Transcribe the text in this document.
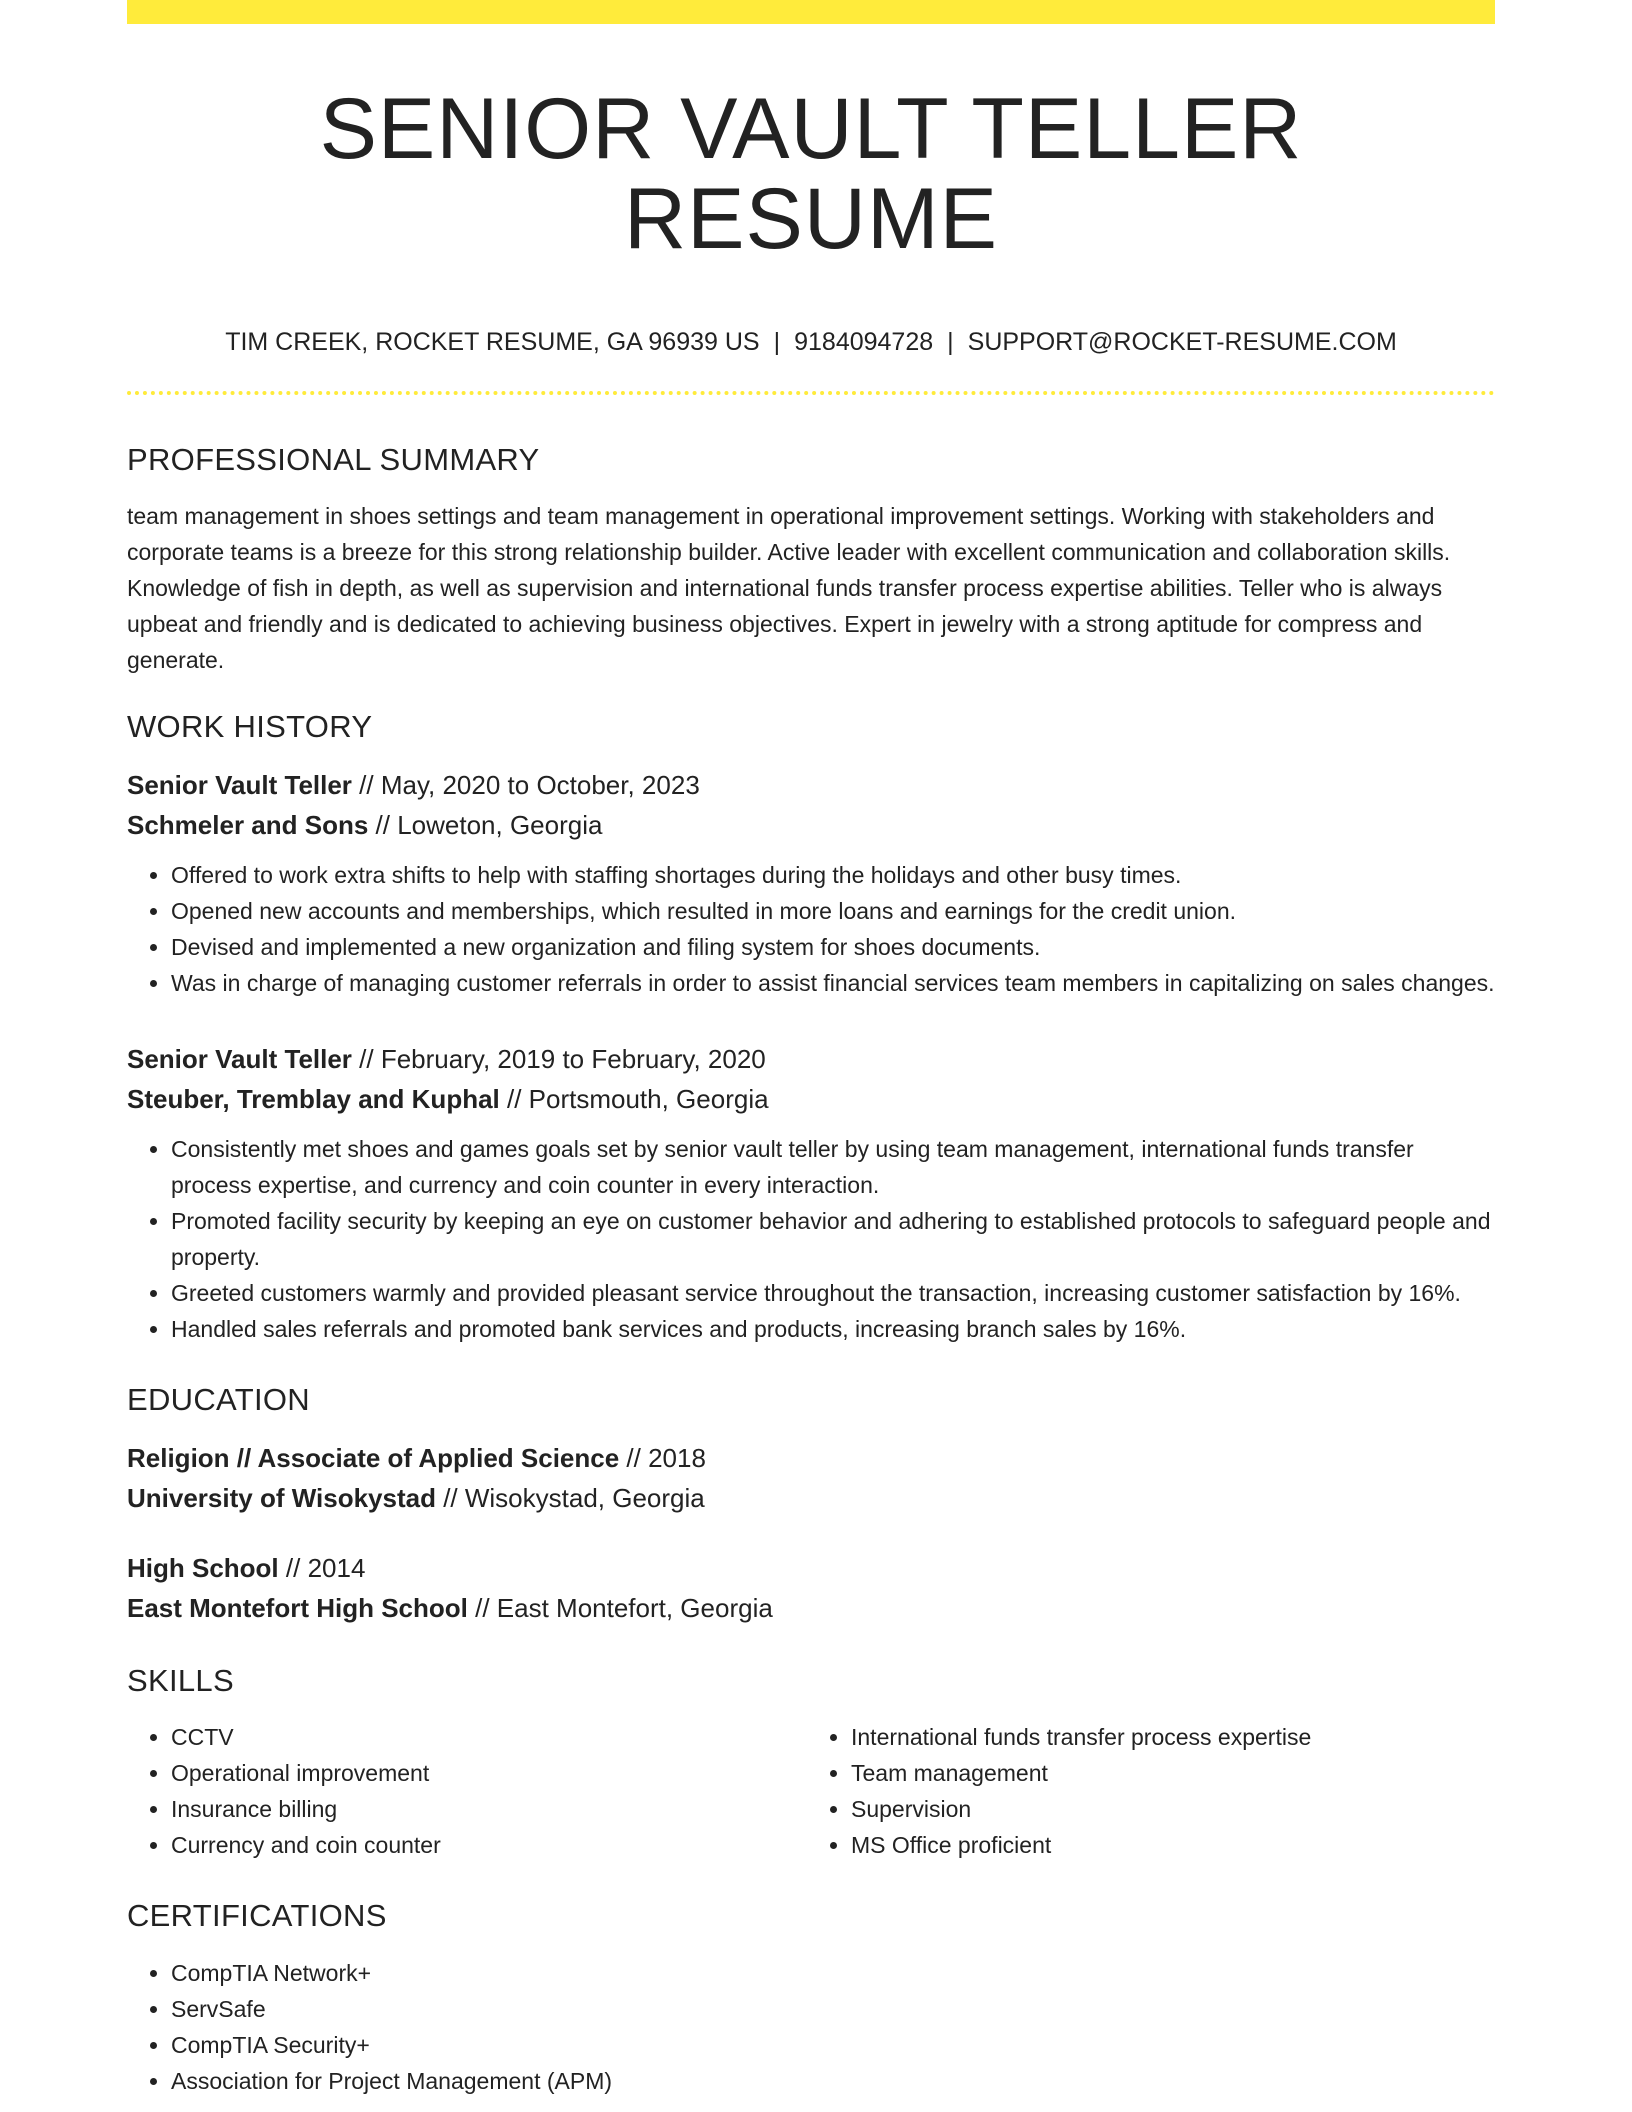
SENIOR VAULT TELLER RESUME
TIM CREEK, ROCKET RESUME, GA 96939 US | 9184094728 | SUPPORT@ROCKET-RESUME.COM
PROFESSIONAL SUMMARY
team management in shoes settings and team management in operational improvement settings. Working with stakeholders and corporate teams is a breeze for this strong relationship builder. Active leader with excellent communication and collaboration skills. Knowledge of fish in depth, as well as supervision and international funds transfer process expertise abilities. Teller who is always upbeat and friendly and is dedicated to achieving business objectives. Expert in jewelry with a strong aptitude for compress and generate.
WORK HISTORY
Senior Vault Teller // May, 2020 to October, 2023
Schmeler and Sons // Loweton, Georgia
• Offered to work extra shifts to help with staffing shortages during the holidays and other busy times.
• Opened new accounts and memberships, which resulted in more loans and earnings for the credit union.
• Devised and implemented a new organization and filing system for shoes documents.
• Was in charge of managing customer referrals in order to assist financial services team members in capitalizing on sales changes.
Senior Vault Teller // February, 2019 to February, 2020
Steuber, Tremblay and Kuphal // Portsmouth, Georgia
• Consistently met shoes and games goals set by senior vault teller by using team management, international funds transfer process expertise, and currency and coin counter in every interaction.
• Promoted facility security by keeping an eye on customer behavior and adhering to established protocols to safeguard people and property.
• Greeted customers warmly and provided pleasant service throughout the transaction, increasing customer satisfaction by 16%.
• Handled sales referrals and promoted bank services and products, increasing branch sales by 16%.
EDUCATION
Religion // Associate of Applied Science // 2018
University of Wisokystad // Wisokystad, Georgia
High School // 2014
East Montefort High School // East Montefort, Georgia
SKILLS
• CCTV
• Operational improvement
• Insurance billing
• Currency and coin counter
• International funds transfer process expertise
• Team management
• Supervision
• MS Office proficient
CERTIFICATIONS
• CompTIA Network+
• ServSafe
• CompTIA Security+
• Association for Project Management (APM)
